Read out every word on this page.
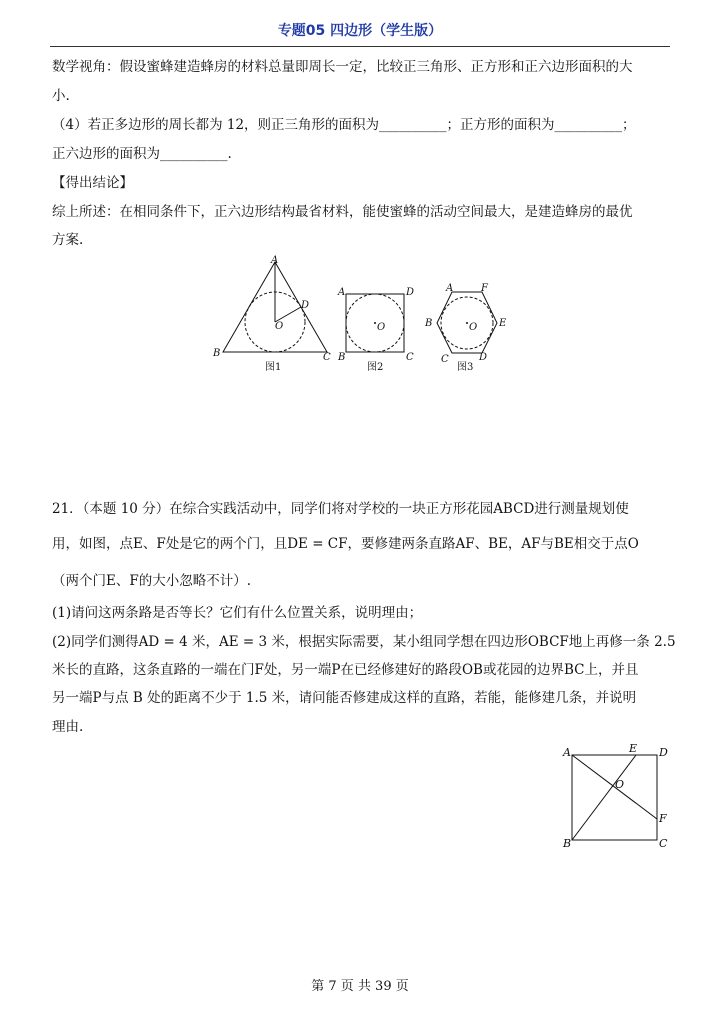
专题05 四边形（学生版）
数学视角：假设蜜蜂建造蜂房的材料总量即周长一定，比较正三角形、正方形和正六边形面积的大
小.
（4）若正多边形的周长都为 12，则正三角形的面积为__________；正方形的面积为__________；
正六边形的面积为__________.
【得出结论】
综上所述：在相同条件下，正六边形结构最省材料，能使蜜蜂的活动空间最大，是建造蜂房的最优
方案.
A
B	C
D
O
图1
A	D
B	C
O
图2
A	F
B	E
C	D
O
图3
21．（本题 10 分）在综合实践活动中，同学们将对学校的一块正方形花园ABCD进行测量规划使
用，如图，点E、F处是它的两个门，且DE = CF，要修建两条直路AF、BE，AF与BE相交于点O
（两个门E、F的大小忽略不计）.
(1)请问这两条路是否等长？它们有什么位置关系，说明理由；
(2)同学们测得AD = 4 米，AE = 3 米，根据实际需要，某小组同学想在四边形OBCF地上再修一条 2.5
米长的直路，这条直路的一端在门F处，另一端P在已经修建好的路段OB或花园的边界BC上，并且
另一端P与点 B 处的距离不少于 1.5 米，请问能否修建成这样的直路，若能，能修建几条，并说明
理由.
A	E D
O
F
B	C
第 7 页 共 39 页
